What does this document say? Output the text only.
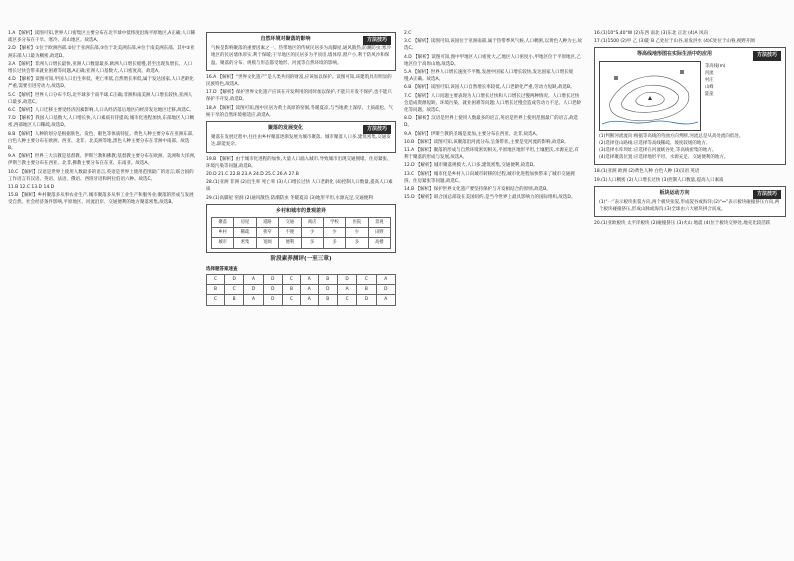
1.A 【解析】读图可知,世界人口密集区主要分布在北半球中低纬度沿海平原地区,A正确;人口稀疏区多分布在干旱、寒冷、高山地区。故选A。

2.D 【解析】①位于欧洲西部,②位于亚洲东部,③位于北美洲东部,④位于南美洲东部。其中②亚洲东部人口最为稠密,故选D。

3.A 【解析】非洲人口增长最快,亚洲人口数量最多,欧洲人口增长缓慢,甚至出现负增长。人口增长过快会带来就业困难等问题,A正确;亚洲人口基数大,人口密度高。故选A。

4.D 【解析】读图可知,甲国人口出生率低、死亡率低,自然增长率低,属于发达国家,人口老龄化严重,需要引进劳动力,故选D。

5.C 【解析】世界人口分布不均,北半球多于南半球,C正确;非洲和南美洲人口增长较快,亚洲人口最多,故选C。

6.C 【解析】人口迁移主要受经济因素影响,人口从经济落后地区向经济发达地区迁移,故选C。

7.D 【解析】我国人口基数大,人口增长快,人口素质有待提高;城市化进程加快,东部地区人口稠密,西部地区人口稀疏,故选D。

8.B 【解析】人种的划分是根据肤色、发色、眼色等体质特征。黄色人种主要分布在亚洲东部,白色人种主要分布在欧洲、西亚、北非、北美洲等地,黑色人种主要分布在非洲中南部。故选B。

9.A 【解析】世界三大宗教是基督教、伊斯兰教和佛教;基督教主要分布在欧洲、美洲和大洋洲,伊斯兰教主要分布在西亚、北非,佛教主要分布在东亚、东南亚。故选A。

10.C 【解析】汉语是世界上使用人数最多的语言,英语是世界上使用范围最广的语言;联合国的工作语言有汉语、英语、法语、俄语、西班牙语和阿拉伯语六种。故选C。

11.B 12.C 13.D 14.D

15.B 【解析】乡村聚落多从事农业生产,城市聚落多从事工业生产和服务业;聚落的形成与发展受自然、社会经济条件影响,平原地区、河流沿岸、交通便利的地方聚落密集,故选B。

方法技巧
自然环境对聚落的影响
气候是影响聚落的重要因素之一。热带地区的传统民居多为高脚屋,通风散热,防潮防虫;寒冷地区的民居墙体厚实,利于保暖;干旱地区的民居多为平顶房,墙体厚,窗户小,利于防风沙和保温。聚落的分布、规模与形态都受地形、河流等自然环境的影响。

16.A 【解析】“世界文化遗产”是人类共同的财富,应该加以保护。读图可知,该建筑具有明显的民族特色,故选A。

17.D 【解析】保护世界文化遗产应该在开发利用的同时加以保护,不能只开发不保护,也不能只保护不开发,故选D。

18.A 【解析】读图可知,图中民居为黄土高原的窑洞,冬暖夏凉,与当地黄土深厚、土质疏松、气候干旱的自然环境相适应,故选A。

方法技巧
聚落的发展变化
聚落在发展过程中,往往由乡村聚落逐渐发展为城市聚落。城市聚落人口多,建筑密集,交通发达,职能复杂。

19.B 【解析】由于城市化进程的加快,大量人口涌入城市,导致城市出现交通拥堵、住房紧张、环境污染等问题,故选B。

20.D 21.C 22.B 23.A 24.D 25.C 26.A 27.B

28.(1)亚洲 非洲 (2)出生率 死亡率 (3)人口增长过快 人口老龄化 (4)控制人口数量,提高人口素质

29.(1)高脚屋 窑洞 (2)通风散热,防潮防虫 冬暖夏凉 (3)地形平坦,水源充足,交通便利

乡村和城市的景观差异
聚落	房屋	道路	交通	商店	学校	医院	景观
乡村	稀疏	狭窄	不便	少	少	少	田野
城市	密集	宽阔	便利	多	多	多	高楼
阶段素养测评(一至三章)
选择题答案速查
C	D	A	D	C	A	B	D	C	A
B	C	D	D	B	A	D	A	B	D
C	B	A	D	C	A	B	C	D	A

2.C

3.C 【解析】读图可知,该国位于亚洲南部,属于热带季风气候,人口稠密,以黄色人种为主,故选C。

4.D 【解析】读图可知,图中甲地区人口密度大,乙地区人口密度小,甲地区位于平原地区,乙地区位于高原山地,故选D。

5.A 【解析】世界人口增长速度不平衡,发展中国家人口增长较快,发达国家人口增长缓慢,A正确。故选A。

6.B 【解析】读图可知,该国人口自然增长率较低,人口老龄化严重,劳动力短缺,故选B。

7.C 【解析】人口问题主要表现为人口增长过快和人口增长过慢两种情况。人口增长过快会造成资源短缺、环境污染、就业困难等问题;人口增长过慢会造成劳动力不足、人口老龄化等问题。故选C。

8.D 【解析】汉语是世界上使用人数最多的语言,英语是世界上使用范围最广的语言,故选D。

9.A 【解析】伊斯兰教的圣城是麦加,主要分布在西亚、北非,故选A。

10.B 【解析】读图可知,该聚落沿河流分布,呈条带状,主要是受河流的影响,故选B。

11.A 【解析】聚落的形成与自然环境密切相关,平原地区地形平坦,土壤肥沃,水源充足,有利于聚落的形成与发展,故选A。

12.D 【解析】城市聚落规模大,人口多,建筑密集,交通便利,故选D。

13.C 【解析】城市化是乡村人口向城市转移的过程,城市化进程加快带来了城市交通拥挤、住房紧张等问题,故选C。

14.B 【解析】保护世界文化遗产要坚持保护与开发相结合的原则,故选B。

15.D 【解析】联合国总部设在美国纽约,是当今世界上最具影响力的国际组织,故选D。

16.(1)10°S,40°W (2)东西 南北 (3)东北 正北 (4)A 风向

17.(1)1500 (2)甲 乙 (3)陡 B 乙处位于山谷,易发洪水 (4)C处位于山脊,视野开阔

方法技巧
等高线地形图在实际生活中的应用
等高线(m)
河流
村庄
山峰
陡崖
(1)判断河流流向:根据等高线的弯曲方向判断,河流总是从高处流向低处。
(2)选择登山路线:应选择等高线稀疏、坡度较缓的地方。
(3)选择水库坝址:应选择在河流峡谷处,等高线密集的地方。
(4)选择聚落位置:应选择地形平坦、水源充足、交通便利的地方。

18.(1)亚洲 欧洲 (2)黄色人种 白色人种 (3)汉语 英语

19.(1)人口稠密 (2)人口增长过快 (3)控制人口数量,提高人口素质

方法技巧
板块运动方向
(1)“一”表示板块张裂方向,两个板块张裂,形成裂谷或海洋;(2)“↔”表示板块碰撞挤压方向,两个板块碰撞挤压,形成山脉或海沟;(3)全球由六大板块拼合而成。

20.(1)亚欧板块 太平洋板块 (2)碰撞挤压 (3)火山 地震 (4)位于板块交界处,地壳比较活跃
